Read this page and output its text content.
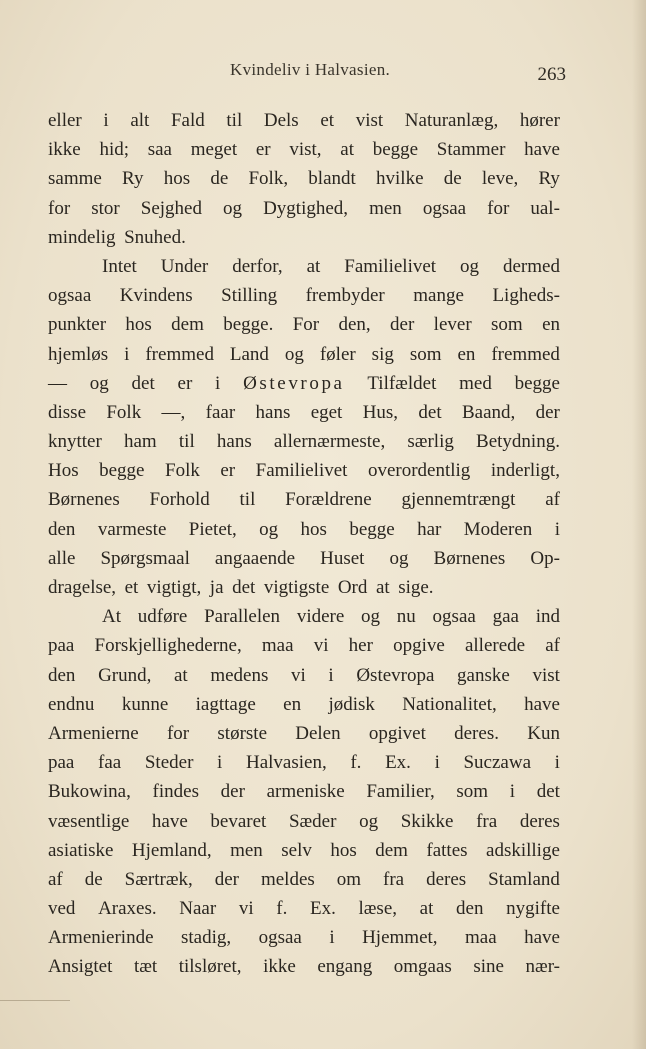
Kvindeliv i Halvasien.	263
eller i alt Fald til Dels et vist Naturanlæg, hører
ikke hid; saa meget er vist, at begge Stammer have
samme Ry hos de Folk, blandt hvilke de leve, Ry
for stor Sejghed og Dygtighed, men ogsaa for ual-
mindelig Snuhed.
Intet Under derfor, at Familielivet og dermed
ogsaa Kvindens Stilling frembyder mange Ligheds-
punkter hos dem begge. For den, der lever som en
hjemløs i fremmed Land og føler sig som en fremmed
— og det er i Østevropa Tilfældet med begge
disse Folk —, faar hans eget Hus, det Baand, der
knytter ham til hans allernærmeste, særlig Betydning.
Hos begge Folk er Familielivet overordentlig inderligt,
Børnenes Forhold til Forældrene gjennemtrængt af
den varmeste Pietet, og hos begge har Moderen i
alle Spørgsmaal angaaende Huset og Børnenes Op-
dragelse, et vigtigt, ja det vigtigste Ord at sige.
At udføre Parallelen videre og nu ogsaa gaa ind
paa Forskjellighederne, maa vi her opgive allerede af
den Grund, at medens vi i Østevropa ganske vist
endnu kunne iagttage en jødisk Nationalitet, have
Armenierne for største Delen opgivet deres. Kun
paa faa Steder i Halvasien, f. Ex. i Suczawa i
Bukowina, findes der armeniske Familier, som i det
væsentlige have bevaret Sæder og Skikke fra deres
asiatiske Hjemland, men selv hos dem fattes adskillige
af de Særtræk, der meldes om fra deres Stamland
ved Araxes. Naar vi f. Ex. læse, at den nygifte
Armenierinde stadig, ogsaa i Hjemmet, maa have
Ansigtet tæt tilsløret, ikke engang omgaas sine nær-
